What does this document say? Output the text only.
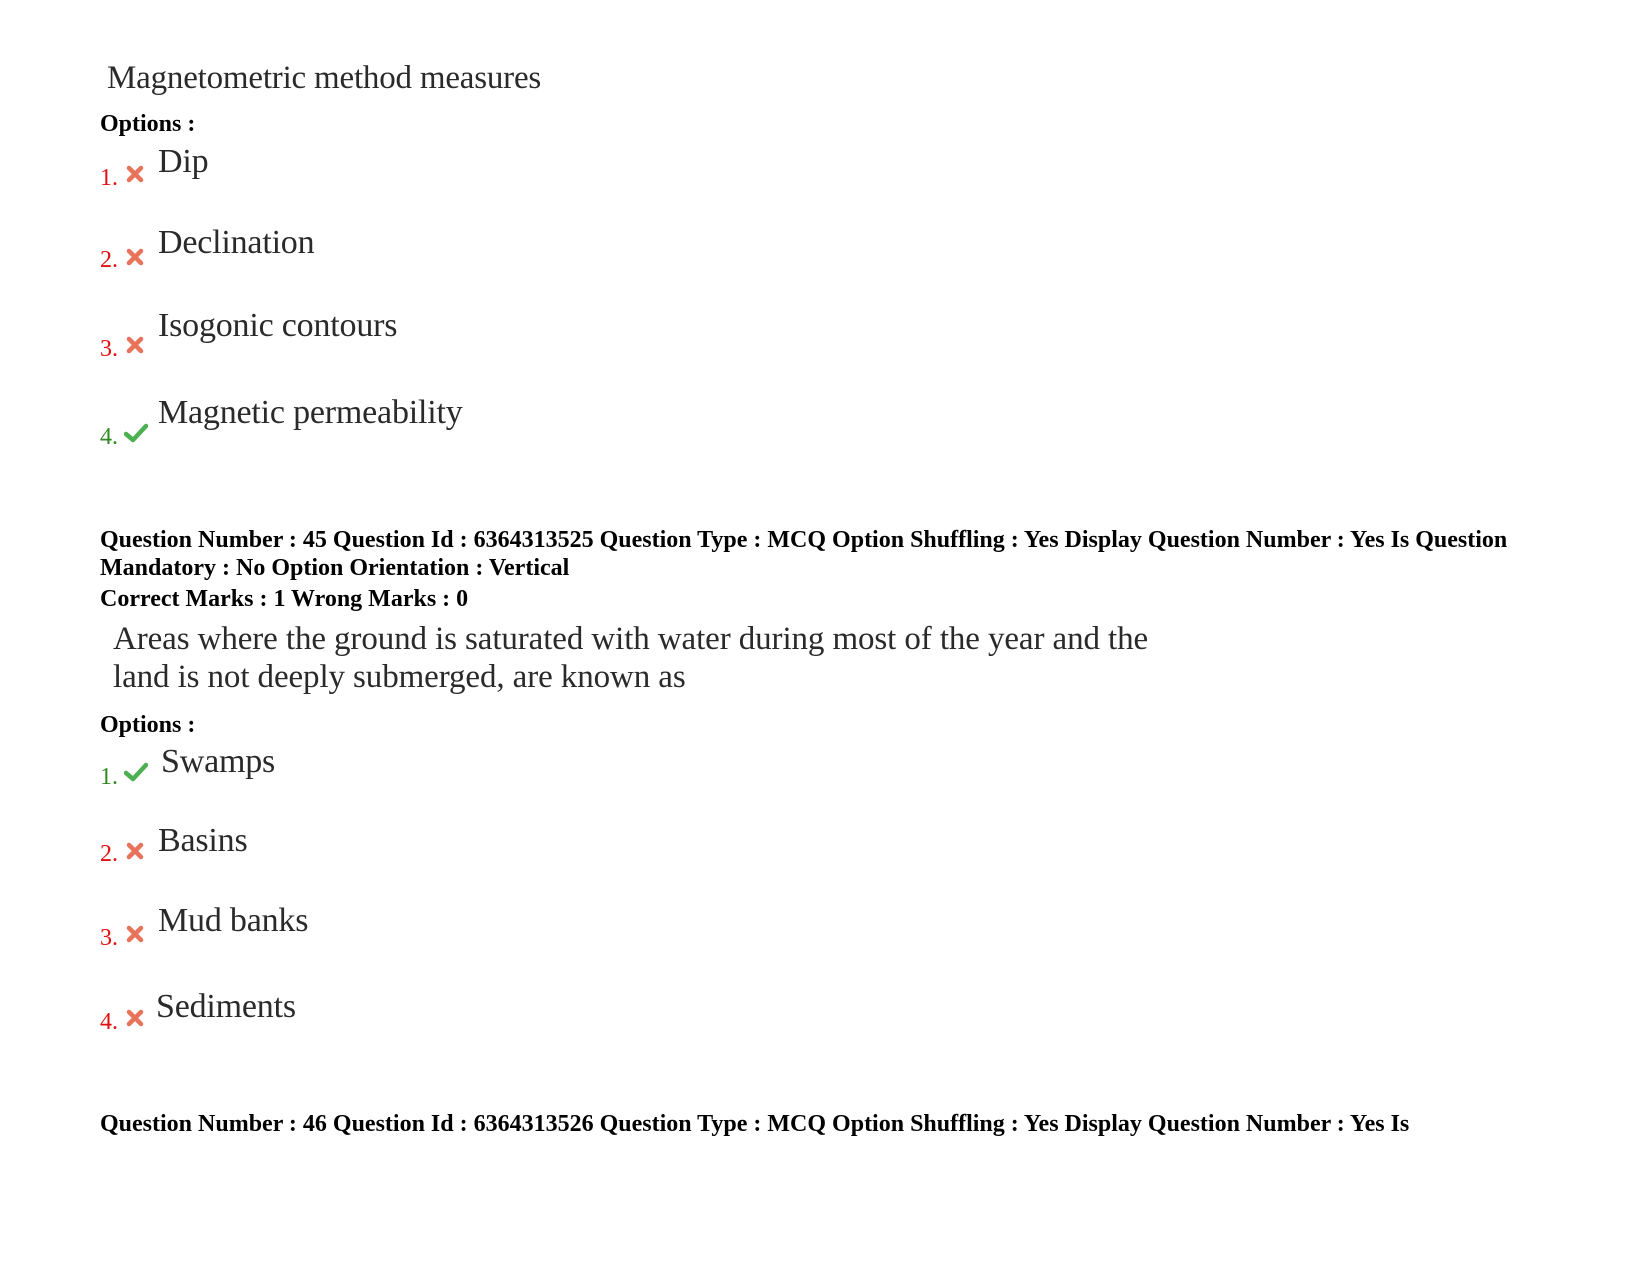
Magnetometric method measures
Options :
1. Dip
2. Declination
3.
Isogonic contours
4.
Magnetic permeability
Question Number : 45 Question Id : 6364313525 Question Type : MCQ Option Shuffling : Yes Display Question Number : Yes Is Question Mandatory : No Option Orientation : Vertical
Correct Marks : 1 Wrong Marks : 0
Areas where the ground is saturated with water during most of the year and the
land is not deeply submerged, are known as
Options :
1. Swamps
2. Basins
3. Mud banks
4. Sediments
Question Number : 46 Question Id : 6364313526 Question Type : MCQ Option Shuffling : Yes Display Question Number : Yes Is
